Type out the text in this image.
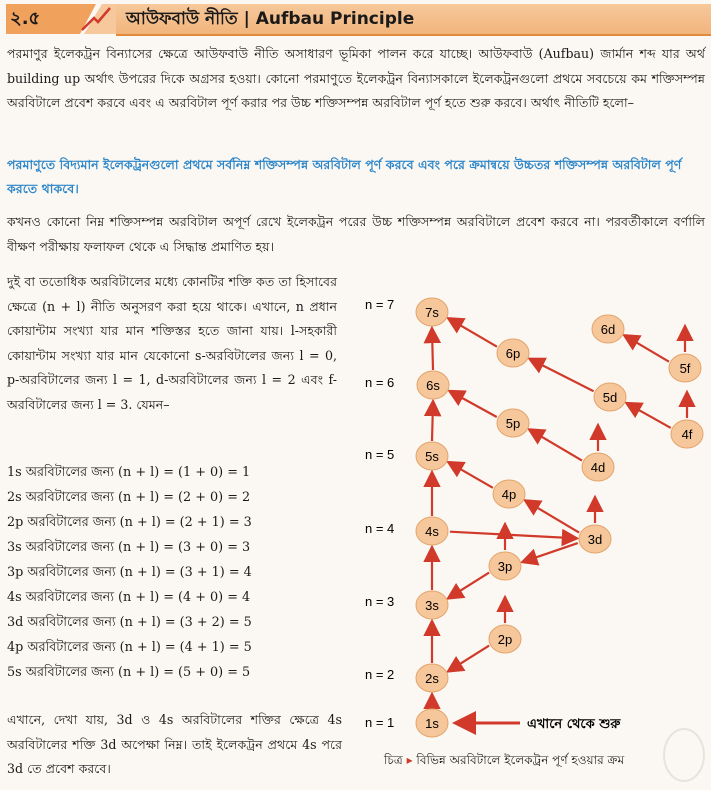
২.৫	আউফবাউ নীতি | Aufbau Principle
পরমাণুর ইলেকট্রন বিন্যাসের ক্ষেত্রে আউফবাউ নীতি অসাধারণ ভূমিকা পালন করে যাচ্ছে। আউফবাউ (Aufbau) জার্মান শব্দ যার অর্থ building up অর্থাৎ উপরের দিকে অগ্রসর হওয়া। কোনো পরমাণুতে ইলেকট্রন বিন্যাসকালে ইলেকট্রনগুলো প্রথমে সবচেয়ে কম শক্তিসম্পন্ন অরবিটালে প্রবেশ করবে এবং এ অরবিটাল পূর্ণ করার পর উচ্চ শক্তিসম্পন্ন অরবিটাল পূর্ণ হতে শুরু করবে। অর্থাৎ নীতিটি হলো–
পরমাণুতে বিদ্যমান ইলেকট্রনগুলো প্রথমে সর্বনিম্ন শক্তিসম্পন্ন অরবিটাল পূর্ণ করবে এবং পরে ক্রমান্বয়ে উচ্চতর শক্তিসম্পন্ন অরবিটাল পূর্ণ করতে থাকবে।
কখনও কোনো নিম্ন শক্তিসম্পন্ন অরবিটাল অপূর্ণ রেখে ইলেকট্রন পরের উচ্চ শক্তিসম্পন্ন অরবিটালে প্রবেশ করবে না। পরবর্তীকালে বর্ণালি বীক্ষণ পরীক্ষায় ফলাফল থেকে এ সিদ্ধান্ত প্রমাণিত হয়।
দুই বা ততোধিক অরবিটালের মধ্যে কোনটির শক্তি কত তা হিসাবের ক্ষেত্রে (n + l) নীতি অনুসরণ করা হয়ে থাকে। এখানে, n প্রধান কোয়ান্টাম সংখ্যা যার মান শক্তিস্তর হতে জানা যায়। l-সহকারী কোয়ান্টাম সংখ্যা যার মান যেকোনো s-অরবিটালের জন্য l = 0, p-অরবিটালের জন্য l = 1, d-অরবিটালের জন্য l = 2 এবং f-অরবিটালের জন্য l = 3. যেমন–
1s অরবিটালের জন্য (n + l) = (1 + 0) = 1
2s অরবিটালের জন্য (n + l) = (2 + 0) = 2
2p অরবিটালের জন্য (n + l) = (2 + 1) = 3
3s অরবিটালের জন্য (n + l) = (3 + 0) = 3
3p অরবিটালের জন্য (n + l) = (3 + 1) = 4
4s অরবিটালের জন্য (n + l) = (4 + 0) = 4
3d অরবিটালের জন্য (n + l) = (3 + 2) = 5
4p অরবিটালের জন্য (n + l) = (4 + 1) = 5
5s অরবিটালের জন্য (n + l) = (5 + 0) = 5
এখানে, দেখা যায়, 3d ও 4s অরবিটালের শক্তির ক্ষেত্রে 4s অরবিটালের শক্তি 3d অপেক্ষা নিম্ন। তাই ইলেকট্রন প্রথমে 4s পরে 3d তে প্রবেশ করবে।
n = 7
n = 6
n = 5
n = 4
n = 3
n = 2
n = 1
7s
6d
5f
6p
6s
5d
4f
5p
5s
4d
4p
4s
3d
3p
3s
2p
2s
1s	এখানে থেকে শুরু
চিত্র ▸ বিভিন্ন অরবিটালে ইলেকট্রন পূর্ণ হওয়ার ক্রম
